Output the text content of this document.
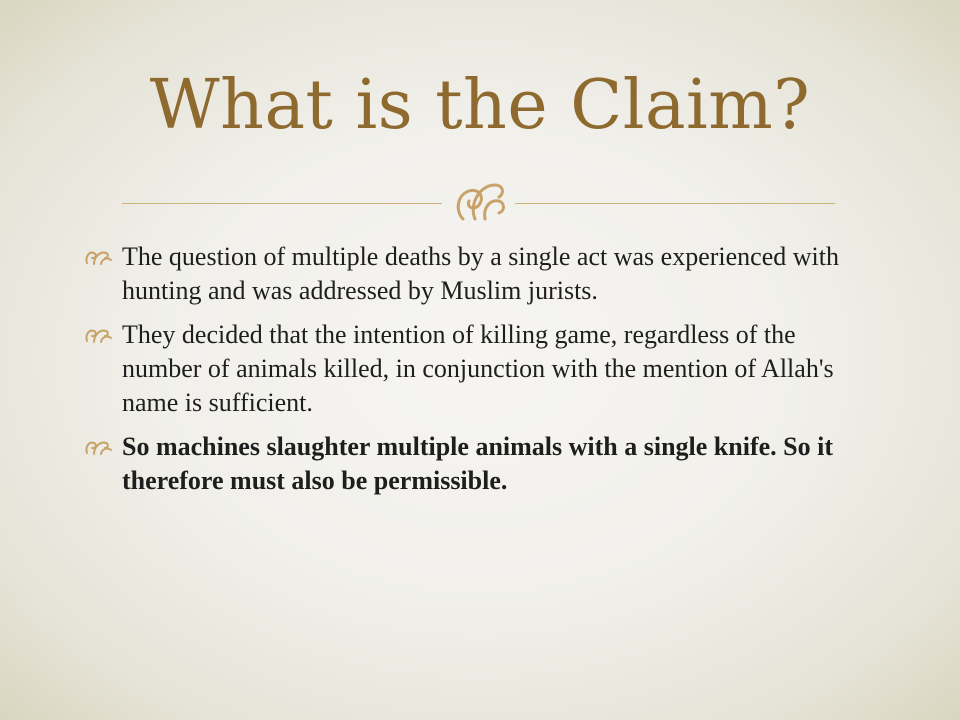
What is the Claim?
The question of multiple deaths by a single act was experienced with hunting and was addressed by Muslim jurists.
They decided that the intention of killing game, regardless of the number of animals killed, in conjunction with the mention of Allah's name is sufficient.
So machines slaughter multiple animals with a single knife. So it therefore must also be permissible.
